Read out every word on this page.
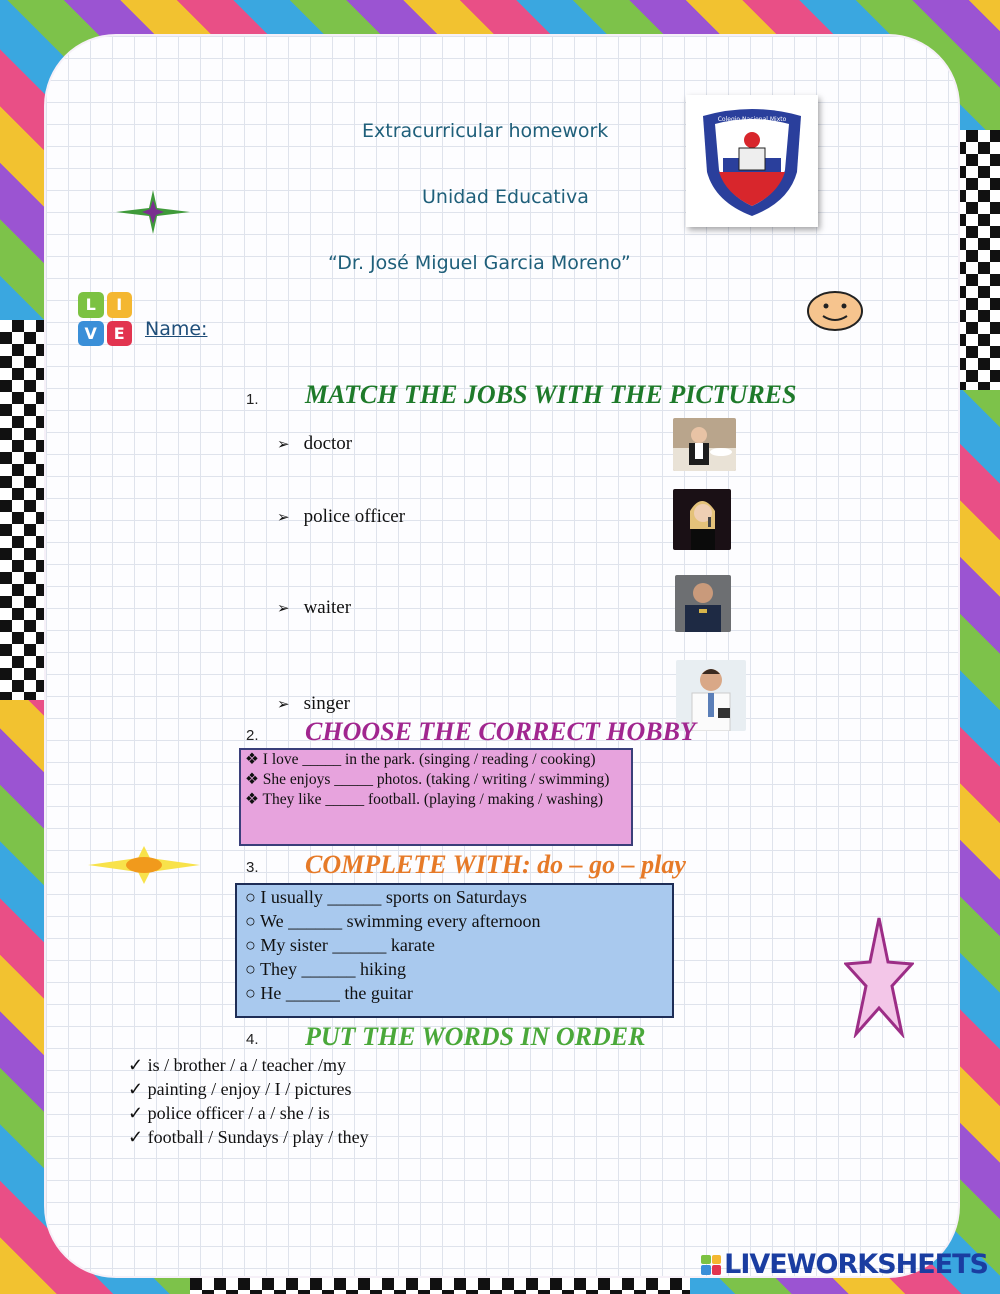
Extracurricular homework
Unidad Educativa
“Dr. José Miguel Garcia Moreno”
Colegio Nacional Mixto
L	I
V	E	Name:
1. MATCH THE JOBS WITH THE PICTURES
➢ doctor
➢ police officer
➢ waiter
➢ singer
2. CHOOSE THE CORRECT HOBBY
❖ I love _____ in the park. (singing / reading / cooking)
❖ She enjoys _____ photos. (taking / writing / swimming)
❖ They like _____ football. (playing / making / washing)
3. COMPLETE WITH: do – go – play
○ I usually ______ sports on Saturdays
○ We ______ swimming every afternoon
○ My sister ______ karate
○ They ______ hiking
○ He ______ the guitar
4. PUT THE WORDS IN ORDER
✓ is / brother / a / teacher /my
✓ painting / enjoy / I / pictures
✓ police officer / a / she / is
✓ football / Sundays / play / they
LIVEWORKSHEETS
